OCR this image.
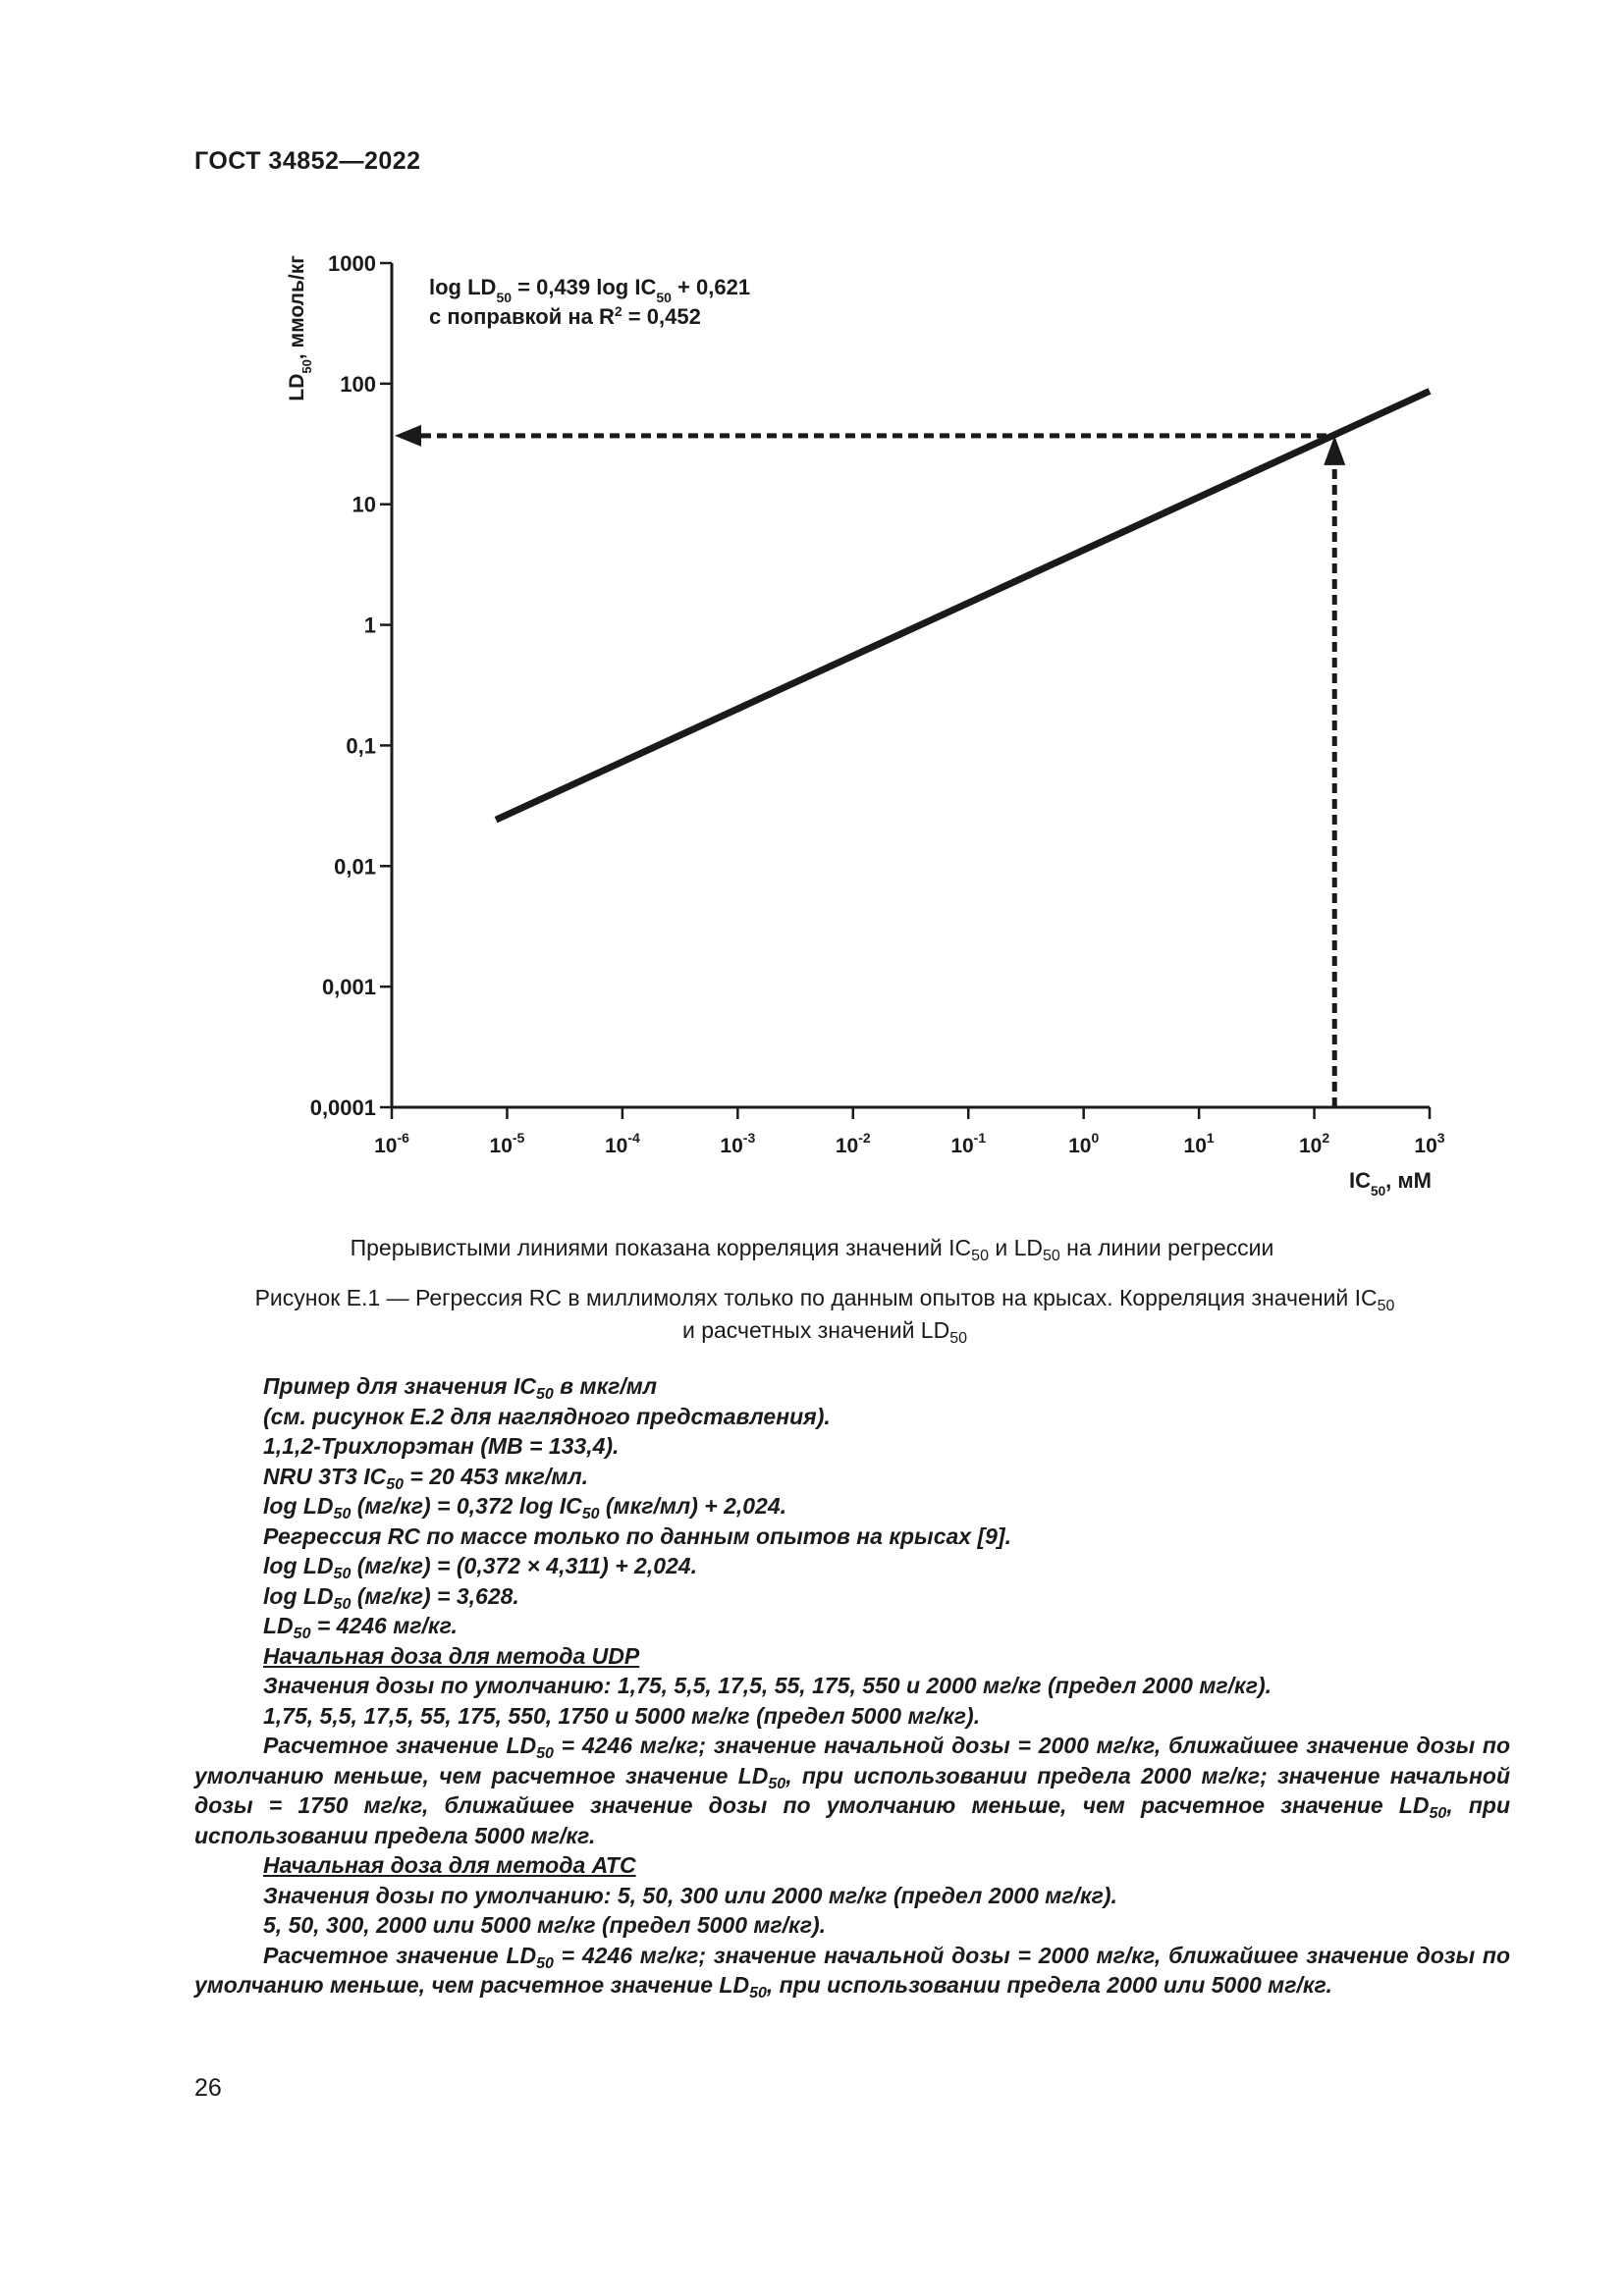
ГОСТ 34852—2022
$10^{-6}$	$10^{-5}$	$10^{-4}$	$10^{-3}$	$10^{-2}$	$10^{-1}$	$10^0$	$10^1$	$10^2$	$10^3$
0,0001
0,001
0,01
0,1
1
10
100
1000
$\log LD_{50} = 0,439$ $\log IC_{50} + 0,621$
с поправкой на $R^2 = 0,452$
$IC_{50}$, мМ
$LD_{50}$, ммоль/кг
Прерывистыми линиями показана корреляция значений $IC_{50}$ и $LD_{50}$ на линии регрессии
Рисунок Е.1 — Регрессия RC в миллимолях только по данным опытов на крысах. Корреляция значений $IC_{50}$
и расчетных значений $LD_{50}$

Пример для значения $IC_{50}$ в мкг/мл

(см. рисунок Е.2 для наглядного представления).

1,1,2-Трихлорэтан (МВ = 133,4).

NRU 3T3 $IC_{50} = 20$ 453 мкг/мл.

$\log LD_{50}$ (мг/кг) = 0,372 $\log IC_{50}$ (мкг/мл) + 2,024.

Регрессия RC по массе только по данным опытов на крысах [9].

$\log LD_{50}$ (мг/кг) = (0,372 × 4,311) + 2,024.

$\log LD_{50}$ (мг/кг) = 3,628.

$LD_{50} = 4246$ мг/кг.

Начальная доза для метода UDP

Значения дозы по умолчанию: 1,75, 5,5, 17,5, 55, 175, 550 и 2000 мг/кг (предел 2000 мг/кг).

1,75, 5,5, 17,5, 55, 175, 550, 1750 и 5000 мг/кг (предел 5000 мг/кг).

Расчетное значение $LD_{50} = 4246$ мг/кг; значение начальной дозы = 2000 мг/кг, ближайшее значение дозы по умолчанию меньше, чем расчетное значение $LD_{50}$, при использовании предела 2000 мг/кг; значение начальной дозы = 1750 мг/кг, ближайшее значение дозы по умолчанию меньше, чем расчетное значение $LD_{50}$, при использовании предела 5000 мг/кг.

Начальная доза для метода АТС

Значения дозы по умолчанию: 5, 50, 300 или 2000 мг/кг (предел 2000 мг/кг).

5, 50, 300, 2000 или 5000 мг/кг (предел 5000 мг/кг).

Расчетное значение $LD_{50} = 4246$ мг/кг; значение начальной дозы = 2000 мг/кг, ближайшее значение дозы по умолчанию меньше, чем расчетное значение $LD_{50}$, при использовании предела 2000 или 5000 мг/кг.

26
